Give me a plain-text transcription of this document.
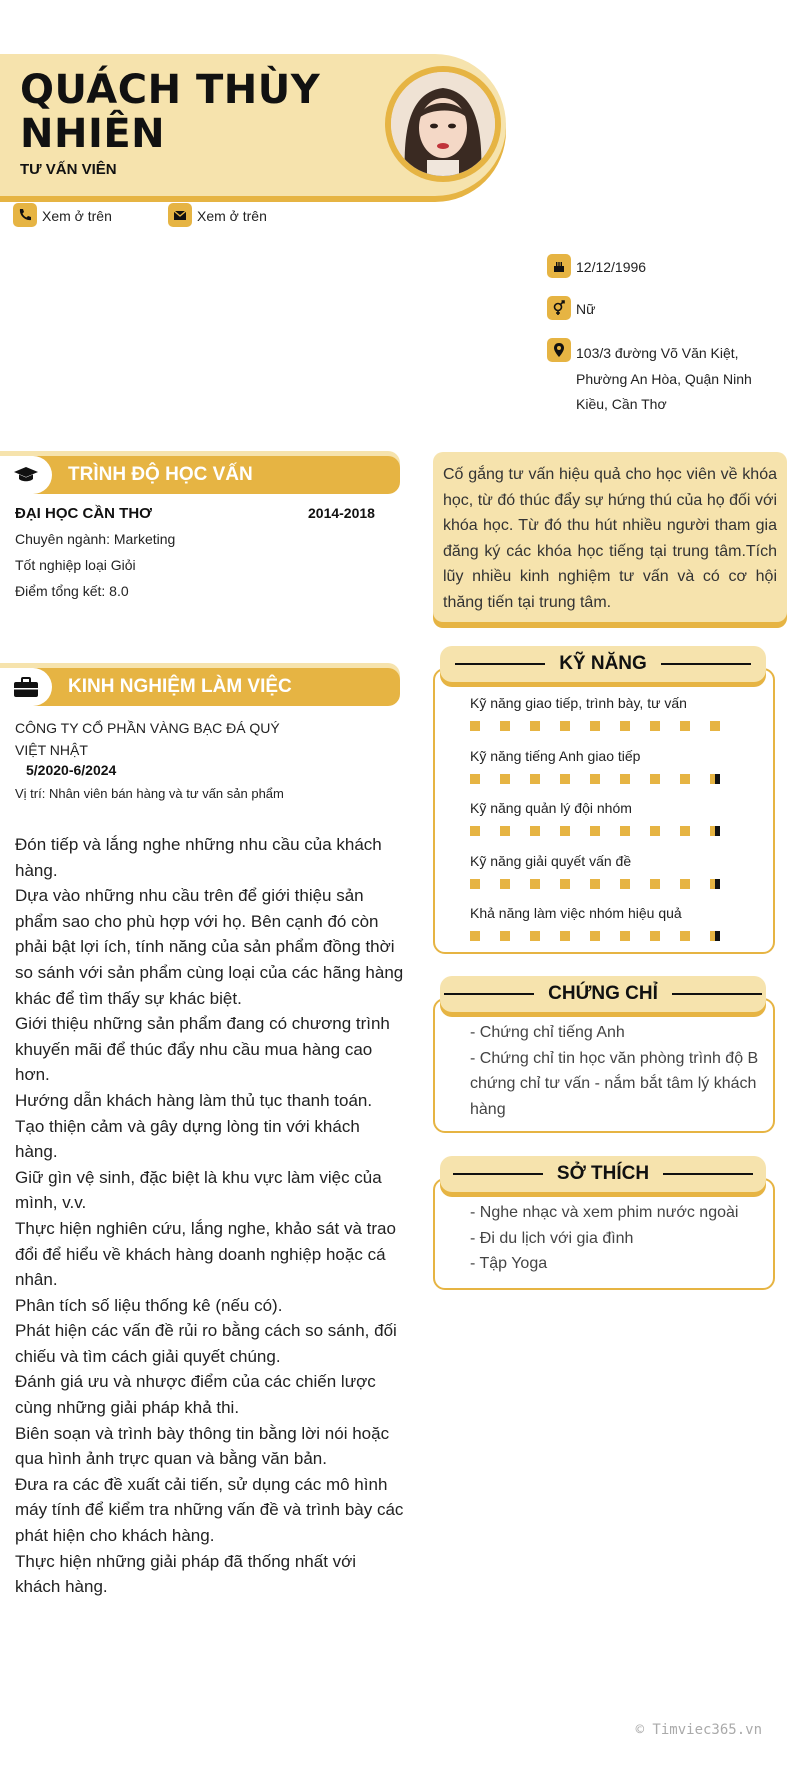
QUÁCH THÙY
NHIÊN
TƯ VẤN VIÊN
Xem ở trên	Xem ở trên
12/12/1996
Nữ
103/3 đường Võ Văn Kiệt,
Phường An Hòa, Quận Ninh
Kiều, Cần Thơ
TRÌNH ĐỘ HỌC VẤN
ĐẠI HỌC CẦN THƠ	2014-2018
Chuyên ngành: Marketing
Tốt nghiệp loại Giỏi
Điểm tổng kết: 8.0
KINH NGHIỆM LÀM VIỆC
CÔNG TY CỔ PHẦN VÀNG BẠC ĐÁ QUÝ
VIỆT NHẬT
5/2020-6/2024
Vị trí: Nhân viên bán hàng và tư vấn sản phẩm

Đón tiếp và lắng nghe những nhu cầu của khách hàng.

Dựa vào những nhu cầu trên để giới thiệu sản phẩm sao cho phù hợp với họ. Bên cạnh đó còn phải bật lợi ích, tính năng của sản phẩm đồng thời so sánh với sản phẩm cùng loại của các hãng hàng khác để tìm thấy sự khác biệt.

Giới thiệu những sản phẩm đang có chương trình khuyến mãi để thúc đẩy nhu cầu mua hàng cao hơn.

Hướng dẫn khách hàng làm thủ tục thanh toán.

Tạo thiện cảm và gây dựng lòng tin với khách hàng.

Giữ gìn vệ sinh, đặc biệt là khu vực làm việc của mình, v.v.

Thực hiện nghiên cứu, lắng nghe, khảo sát và trao đổi để hiểu về khách hàng doanh nghiệp hoặc cá nhân.

Phân tích số liệu thống kê (nếu có).

Phát hiện các vấn đề rủi ro bằng cách so sánh, đối chiếu và tìm cách giải quyết chúng.

Đánh giá ưu và nhược điểm của các chiến lược cùng những giải pháp khả thi.

Biên soạn và trình bày thông tin bằng lời nói hoặc qua hình ảnh trực quan và bằng văn bản.

Đưa ra các đề xuất cải tiến, sử dụng các mô hình máy tính để kiểm tra những vấn đề và trình bày các phát hiện cho khách hàng.

Thực hiện những giải pháp đã thống nhất với khách hàng.

Cố gắng tư vấn hiệu quả cho học viên về khóa học, từ đó thúc đẩy sự hứng thú của họ đối với khóa học. Từ đó thu hút nhiều người tham gia đăng ký các khóa học tiếng tại trung tâm.Tích lũy nhiều kinh nghiệm tư vấn và có cơ hội thăng tiến tại trung tâm.
KỸ NĂNG
Kỹ năng giao tiếp, trình bày, tư vấn
Kỹ năng tiếng Anh giao tiếp
Kỹ năng quản lý đội nhóm
Kỹ năng giải quyết vấn đề
Khả năng làm việc nhóm hiệu quả
CHỨNG CHỈ
- Chứng chỉ tiếng Anh
- Chứng chỉ tin học văn phòng trình độ B
chứng chỉ tư vấn - nắm bắt tâm lý khách
hàng
SỞ THÍCH
- Nghe nhạc và xem phim nước ngoài
- Đi du lịch với gia đình
- Tập Yoga
© Timviec365.vn
